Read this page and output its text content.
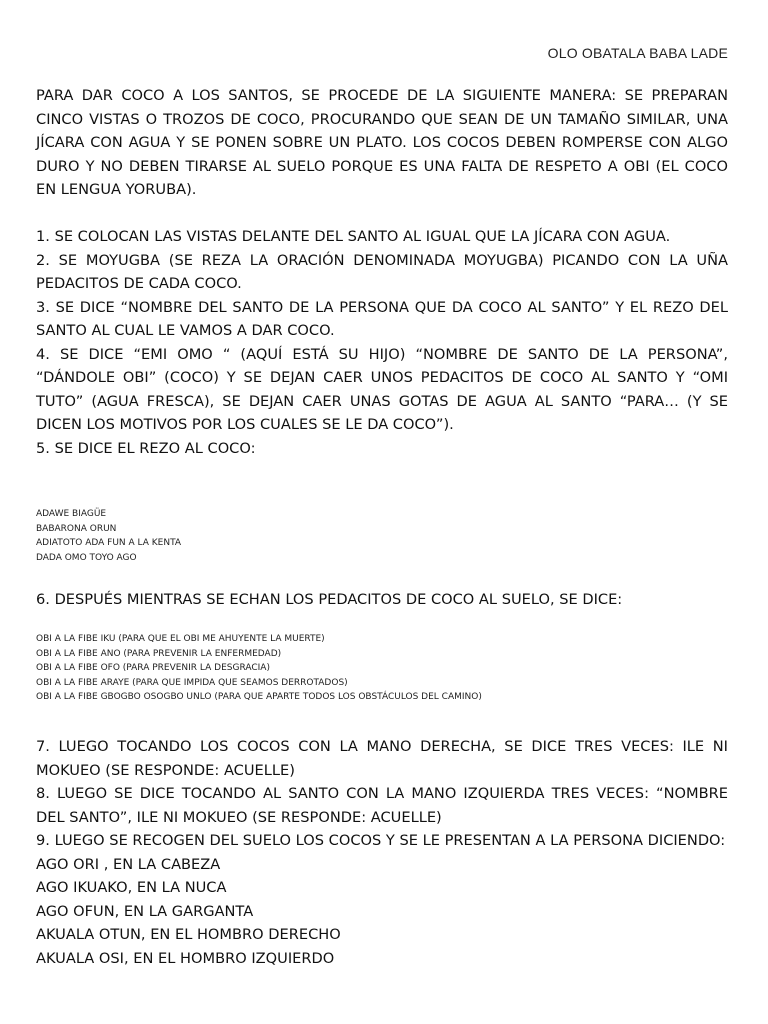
OLO OBATALA BABA LADE

PARA DAR COCO A LOS SANTOS, SE PROCEDE DE LA SIGUIENTE MANERA: SE PREPARAN CINCO VISTAS O TROZOS DE COCO, PROCURANDO QUE SEAN DE UN TAMAÑO SIMILAR, UNA JÍCARA CON AGUA Y SE PONEN SOBRE UN PLATO. LOS COCOS DEBEN ROMPERSE CON ALGO DURO Y NO DEBEN TIRARSE AL SUELO PORQUE ES UNA FALTA DE RESPETO A OBI (EL COCO EN LENGUA YORUBA).

1. SE COLOCAN LAS VISTAS DELANTE DEL SANTO AL IGUAL QUE LA JÍCARA CON AGUA.

2. SE MOYUGBA (SE REZA LA ORACIÓN DENOMINADA MOYUGBA) PICANDO CON LA UÑA PEDACITOS DE CADA COCO.

3. SE DICE “NOMBRE DEL SANTO DE LA PERSONA QUE DA COCO AL SANTO” Y EL REZO DEL SANTO AL CUAL LE VAMOS A DAR COCO.

4. SE DICE “EMI OMO “ (AQUÍ ESTÁ SU HIJO) “NOMBRE DE SANTO DE LA PERSONA”, “DÁNDOLE OBI” (COCO) Y SE DEJAN CAER UNOS PEDACITOS DE COCO AL SANTO Y “OMI TUTO” (AGUA FRESCA), SE DEJAN CAER UNAS GOTAS DE AGUA AL SANTO “PARA… (Y SE DICEN LOS MOTIVOS POR LOS CUALES SE LE DA COCO”).

5. SE DICE EL REZO AL COCO:

ADAWE BIAGÜE
BABARONA ORUN
ADIATOTO ADA FUN A LA KENTA
DADA OMO TOYO AGO

6. DESPUÉS MIENTRAS SE ECHAN LOS PEDACITOS DE COCO AL SUELO, SE DICE:

OBI A LA FIBE IKU (PARA QUE EL OBI ME AHUYENTE LA MUERTE)
OBI A LA FIBE ANO (PARA PREVENIR LA ENFERMEDAD)
OBI A LA FIBE OFO (PARA PREVENIR LA DESGRACIA)
OBI A LA FIBE ARAYE (PARA QUE IMPIDA QUE SEAMOS DERROTADOS)
OBI A LA FIBE GBOGBO OSOGBO UNLO (PARA QUE APARTE TODOS LOS OBSTÁCULOS DEL CAMINO)

7. LUEGO TOCANDO LOS COCOS CON LA MANO DERECHA, SE DICE TRES VECES: ILE NI MOKUEO (SE RESPONDE: ACUELLE)

8. LUEGO SE DICE TOCANDO AL SANTO CON LA MANO IZQUIERDA TRES VECES: “NOMBRE DEL SANTO”, ILE NI MOKUEO (SE RESPONDE: ACUELLE)

9. LUEGO SE RECOGEN DEL SUELO LOS COCOS Y SE LE PRESENTAN A LA PERSONA DICIENDO:

AGO ORI , EN LA CABEZA
AGO IKUAKO, EN LA NUCA
AGO OFUN, EN LA GARGANTA
AKUALA OTUN, EN EL HOMBRO DERECHO
AKUALA OSI, EN EL HOMBRO IZQUIERDO
